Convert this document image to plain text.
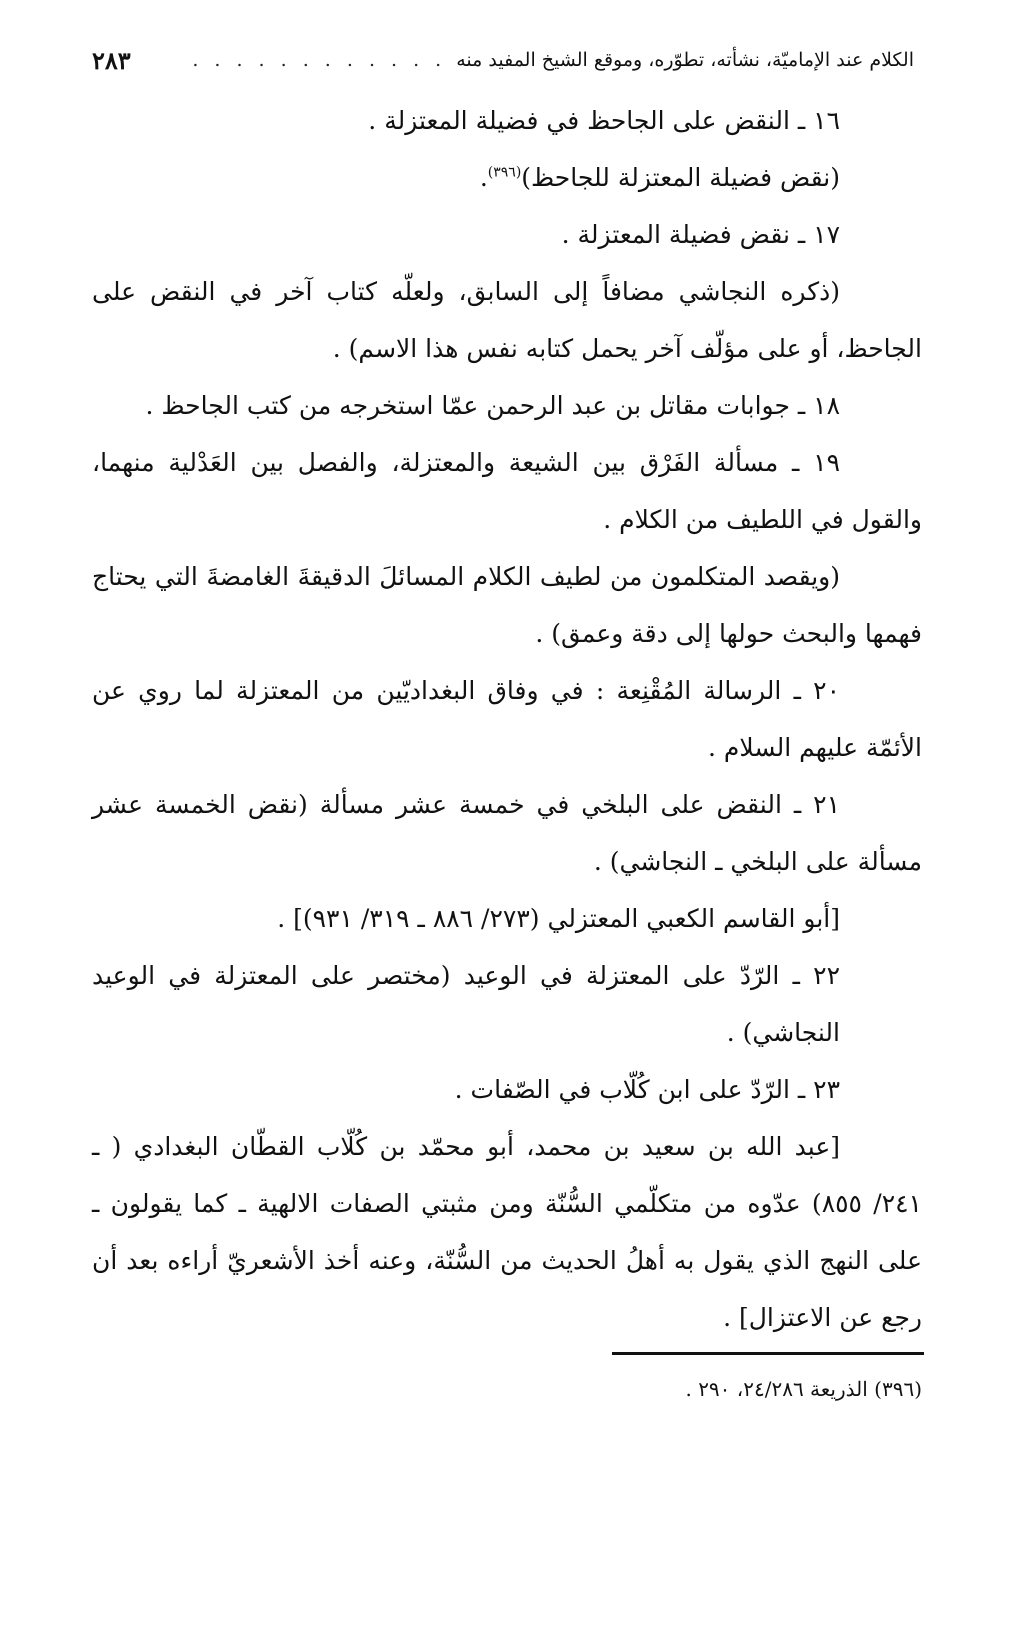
الكلام عند الإماميّة، نشأته، تطوّره، وموقع الشيخ المفيد منه
. . . . . . . . . . . .
٢٨٣

١٦ ـ النقض على الجاحظ في فضيلة المعتزلة .

(نقض فضيلة المعتزلة للجاحظ)$^{(٣٩٦)}$.

١٧ ـ نقض فضيلة المعتزلة .

(ذكره النجاشي مضافاً إلى السابق، ولعلّه كتاب آخر في النقض على الجاحظ، أو على مؤلّف آخر يحمل كتابه نفس هذا الاسم) .

١٨ ـ جوابات مقاتل بن عبد الرحمن عمّا استخرجه من كتب الجاحظ .

١٩ ـ مسألة الفَرْق بين الشيعة والمعتزلة، والفصل بين العَدْلية منهما، والقول في اللطيف من الكلام .

(ويقصد المتكلمون من لطيف الكلام المسائلَ الدقيقةَ الغامضةَ التي يحتاج فهمها والبحث حولها إلى دقة وعمق) .

٢٠ ـ الرسالة المُقْنِعة : في وفاق البغداديّين من المعتزلة لما روي عن الأئمّة عليهم السلام .

٢١ ـ النقض على البلخي في خمسة عشر مسألة (نقض الخمسة عشر مسألة على البلخي ـ النجاشي) .

[أبو القاسم الكعبي المعتزلي (٢٧٣/ ٨٨٦ ـ ٣١٩/ ٩٣١)] .

٢٢ ـ الرّدّ على المعتزلة في الوعيد (مختصر على المعتزلة في الوعيد النجاشي) .

٢٣ ـ الرّدّ على ابن كُلّاب في الصّفات .

[عبد الله بن سعيد بن محمد، أبو محمّد بن كُلّاب القطّان البغدادي ( ـ ٢٤١/ ٨٥٥) عدّوه من متكلّمي السُّنّة ومن مثبتي الصفات الالهية ـ كما يقولون ـ على النهج الذي يقول به أهلُ الحديث من السُّنّة، وعنه أخذ الأشعريّ أراءه بعد أن رجع عن الاعتزال] .

(٣٩٦) الذريعة ٢٤/٢٨٦، ٢٩٠ .
